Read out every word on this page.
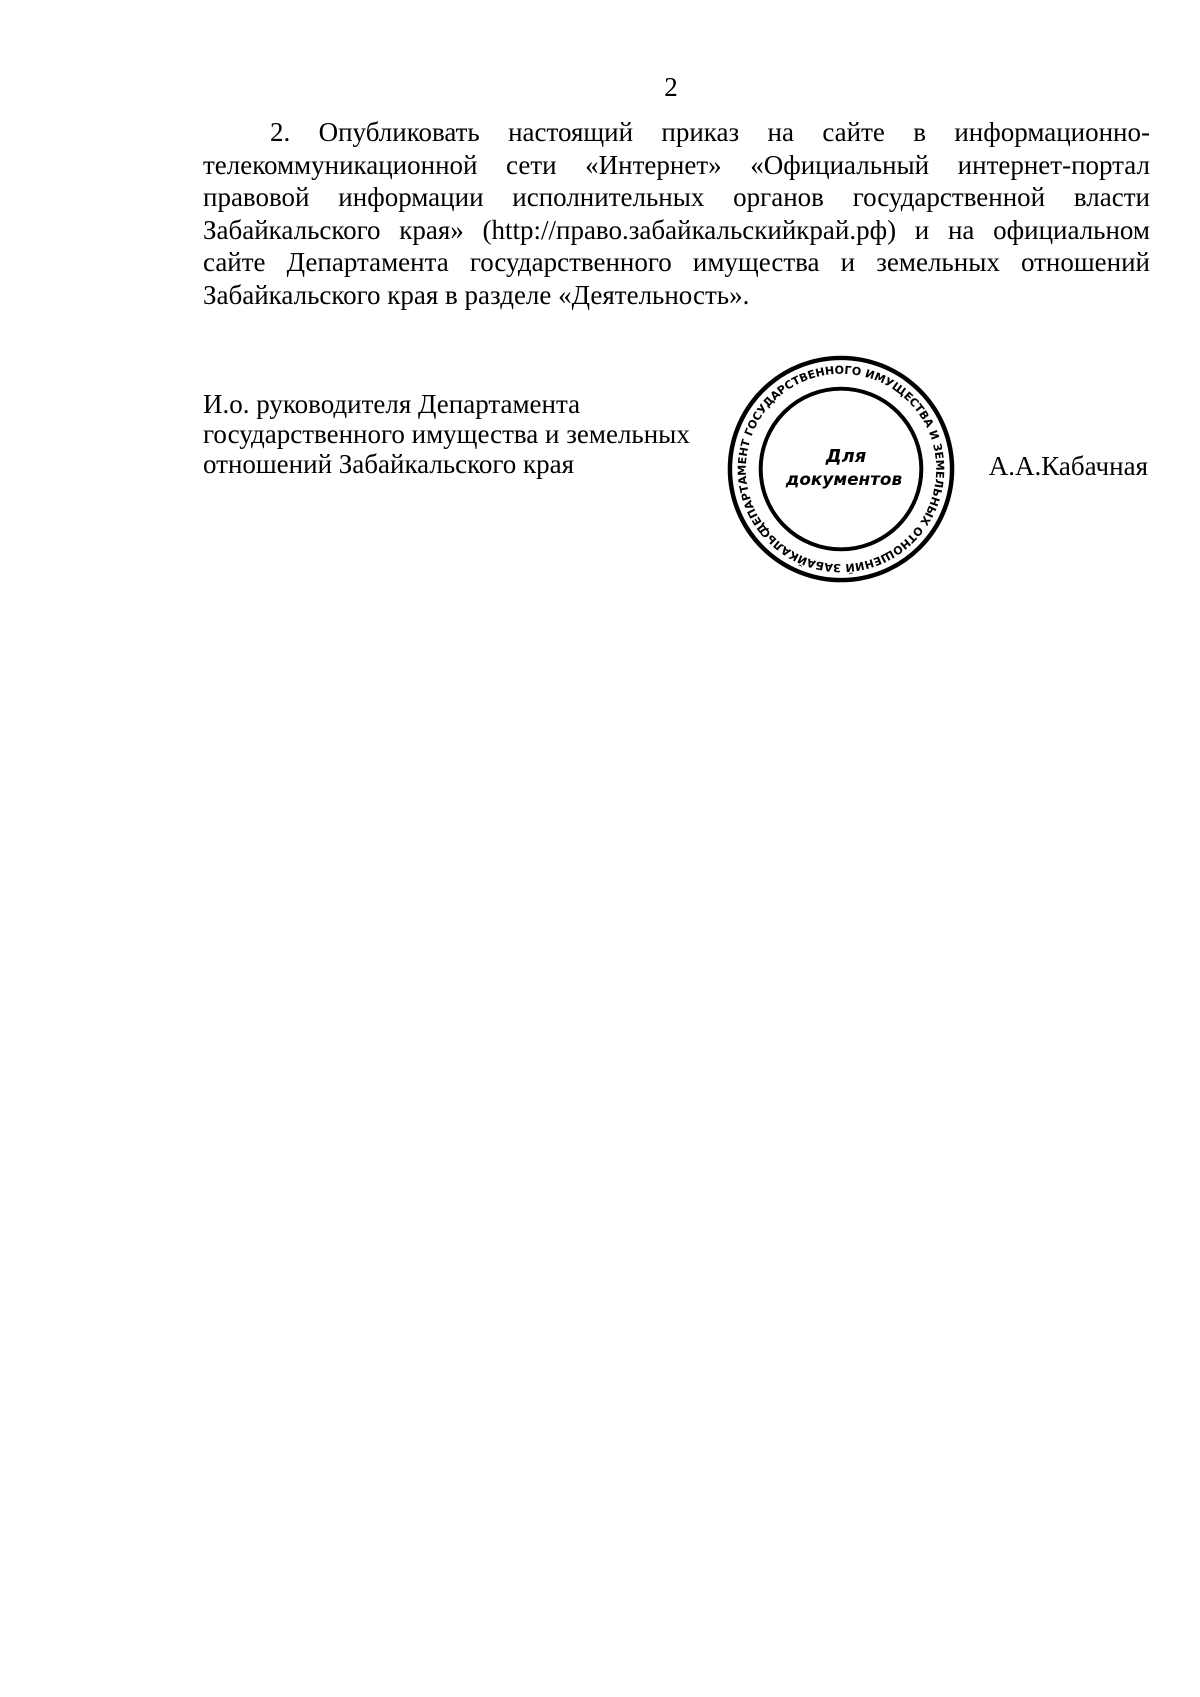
2

2. Опубликовать настоящий приказ на сайте в информационно-телекоммуникационной сети «Интернет» «Официальный интернет-портал правовой информации исполнительных органов государственной власти Забайкальского края» (http://право.забайкальскийкрай.рф) и на официальном сайте Департамента государственного имущества и земельных отношений Забайкальского края в разделе «Деятельность».

И.о. руководителя Департамента
государственного имущества и земельных
отношений Забайкальского края
ДЕПАРТАМЕНТ ГОСУДАРСТВЕННОГО ИМУЩЕСТВА И ЗЕМЕЛЬНЫХ ОТНОШЕНИЙ ЗАБАЙКАЛЬСКОГО	Для
документов	А.А.Кабачная
